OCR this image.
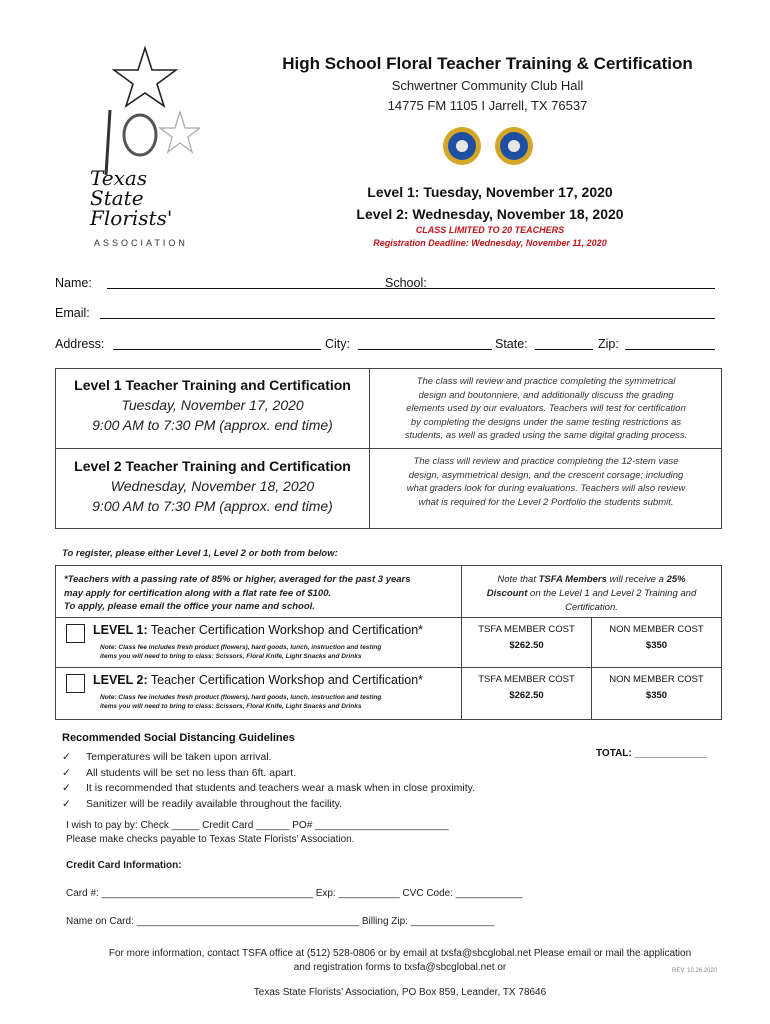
Texas
State
Florists'
ASSOCIATION
High School Floral Teacher Training & Certification
Schwertner Community Club Hall
14775 FM 1105 I Jarrell, TX 76537
Level 1: Tuesday, November 17, 2020
Level 2: Wednesday, November 18, 2020
CLASS LIMITED TO 20 TEACHERS
Registration Deadline: Wednesday, November 11, 2020
Name:	School:
Email:
Address:	City:	State:	Zip:
Level 1 Teacher Training and Certification
Tuesday, November 17, 2020
9:00 AM to 7:30 PM (approx. end time)
The class will review and practice completing the symmetrical
design and boutonniere, and additionally discuss the grading
elements used by our evaluators. Teachers will test for certification
by completing the designs under the same testing restrictions as
students, as well as graded using the same digital grading process.
Level 2 Teacher Training and Certification
Wednesday, November 18, 2020
9:00 AM to 7:30 PM (approx. end time)
The class will review and practice completing the 12-stem vase
design, asymmetrical design, and the crescent corsage; including
what graders look for during evaluations. Teachers will also review
what is required for the Level 2 Portfolio the students submit.
To register, please either Level 1, Level 2 or both from below:
*Teachers with a passing rate of 85% or higher, averaged for the past 3 years
may apply for certification along with a flat rate fee of $100.
To apply, please email the office your name and school.
Note that TSFA Members will receive a 25%
Discount on the Level 1 and Level 2 Training and
Certification.
LEVEL 1: Teacher Certification Workshop and Certification*
Note: Class fee includes fresh product (flowers), hard goods, lunch, instruction and testing
items you will need to bring to class: Scissors, Floral Knife, Light Snacks and Drinks
TSFA MEMBER COST
$262.50
NON MEMBER COST
$350
LEVEL 2: Teacher Certification Workshop and Certification*
Note: Class fee includes fresh product (flowers), hard goods, lunch, instruction and testing
items you will need to bring to class: Scissors, Floral Knife, Light Snacks and Drinks
TSFA MEMBER COST
$262.50
NON MEMBER COST
$350
Recommended Social Distancing Guidelines
TOTAL: _____________
✓ Temperatures will be taken upon arrival.
✓ All students will be set no less than 6ft. apart.
✓ It is recommended that students and teachers wear a mask when in close proximity.
✓ Sanitizer will be readily available throughout the facility.
I wish to pay by: Check _____ Credit Card ______ PO# ________________________
Please make checks payable to Texas State Florists’ Association.
Credit Card Information:
Card #: ______________________________________ Exp: ___________ CVC Code: ____________
Name on Card: ________________________________________ Billing Zip: _______________
For more information, contact TSFA office at (512) 528-0806 or by email at txsfa@sbcglobal.net Please email or mail the application
and registration forms to txsfa@sbcglobal.net or	REV. 10.26.2020
Texas State Florists’ Association, PO Box 859, Leander, TX 78646
